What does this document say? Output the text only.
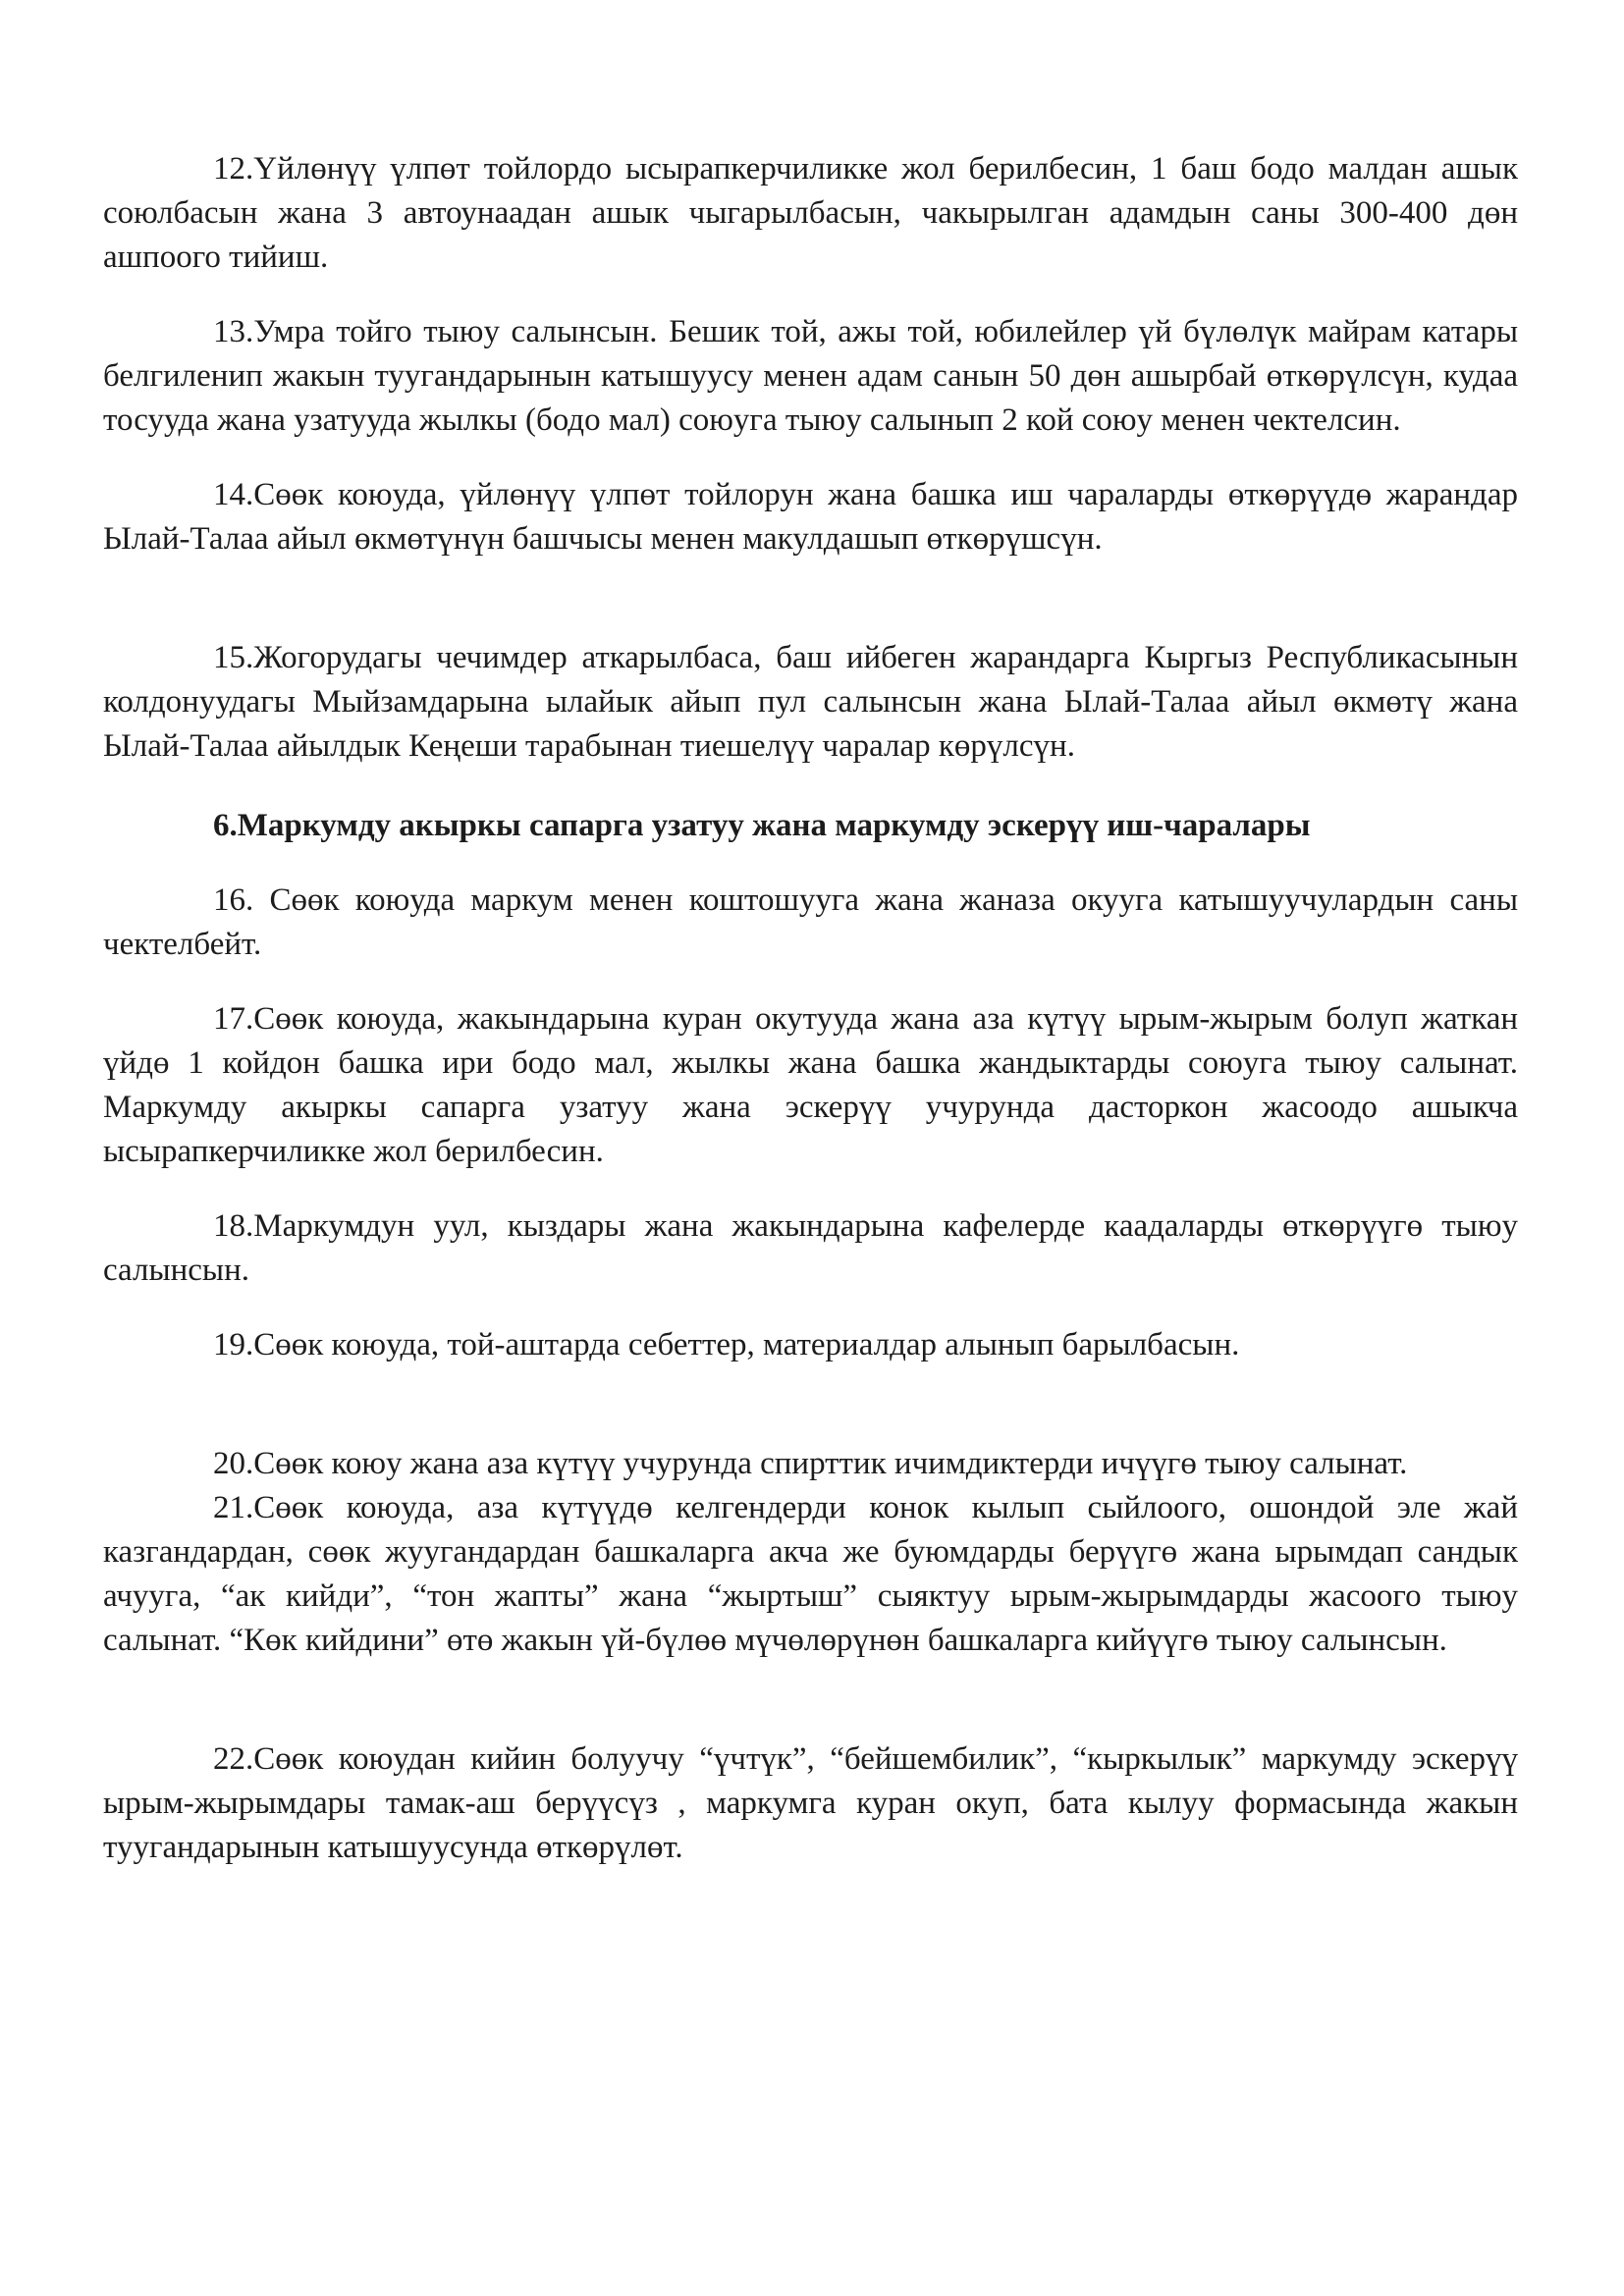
12.Үйлөнүү үлпөт тойлордо ысырапкерчиликке жол берилбесин, 1 баш бодо малдан ашык союлбасын жана 3 автоунаадан ашык чыгарылбасын, чакырылган адамдын саны 300-400 дөн ашпоого тийиш.

13.Умра тойго тыюу салынсын. Бешик той, ажы той, юбилейлер үй бүлөлүк майрам катары белгиленип жакын туугандарынын катышуусу менен адам санын 50 дөн ашырбай өткөрүлсүн, кудаа тосууда жана узатууда жылкы (бодо мал) союуга тыюу салынып 2 кой союу менен чектелсин.

14.Сөөк коюуда, үйлөнүү үлпөт тойлорун жана башка иш чараларды өткөрүүдө жарандар Ылай-Талаа айыл өкмөтүнүн башчысы менен макулдашып өткөрүшсүн.

15.Жогорудагы чечимдер аткарылбаса, баш ийбеген жарандарга Кыргыз Республикасынын колдонуудагы Мыйзамдарына ылайык айып пул салынсын жана Ылай-Талаа айыл өкмөтү жана Ылай-Талаа айылдык Кеңеши тарабынан тиешелүү чаралар көрүлсүн.

6.Маркумду акыркы сапарга узатуу жана маркумду эскерүү иш-чаралары

16. Сөөк коюуда маркум менен коштошууга жана жаназа окууга катышуучулардын саны чектелбейт.

17.Сөөк коюуда, жакындарына куран окутууда жана аза күтүү ырым-жырым болуп жаткан үйдө 1 койдон башка ири бодо мал, жылкы жана башка жандыктарды союуга тыюу салынат. Маркумду акыркы сапарга узатуу жана эскерүү учурунда дасторкон жасоодо ашыкча ысырапкерчиликке жол берилбесин.

18.Маркумдун уул, кыздары жана жакындарына кафелерде каадаларды өткөрүүгө тыюу салынсын.

19.Сөөк коюуда, той-аштарда себеттер, материалдар алынып барылбасын.

20.Сөөк коюу жана аза күтүү учурунда спирттик ичимдиктерди ичүүгө тыюу салынат.

21.Сөөк коюуда, аза күтүүдө келгендерди конок кылып сыйлоого, ошондой эле жай казгандардан, сөөк жуугандардан башкаларга акча же буюмдарды берүүгө жана ырымдап сандык ачууга, “ак кийди”, “тон жапты” жана “жыртыш” сыяктуу ырым-жырымдарды жасоого тыюу салынат. “Көк кийдини” өтө жакын үй-бүлөө мүчөлөрүнөн башкаларга кийүүгө тыюу салынсын.

22.Сөөк коюудан кийин болуучу “үчтүк”, “бейшембилик”, “кыркылык” маркумду эскерүү ырым-жырымдары тамак-аш берүүсүз , маркумга куран окуп, бата кылуу формасында жакын туугандарынын катышуусунда өткөрүлөт.
